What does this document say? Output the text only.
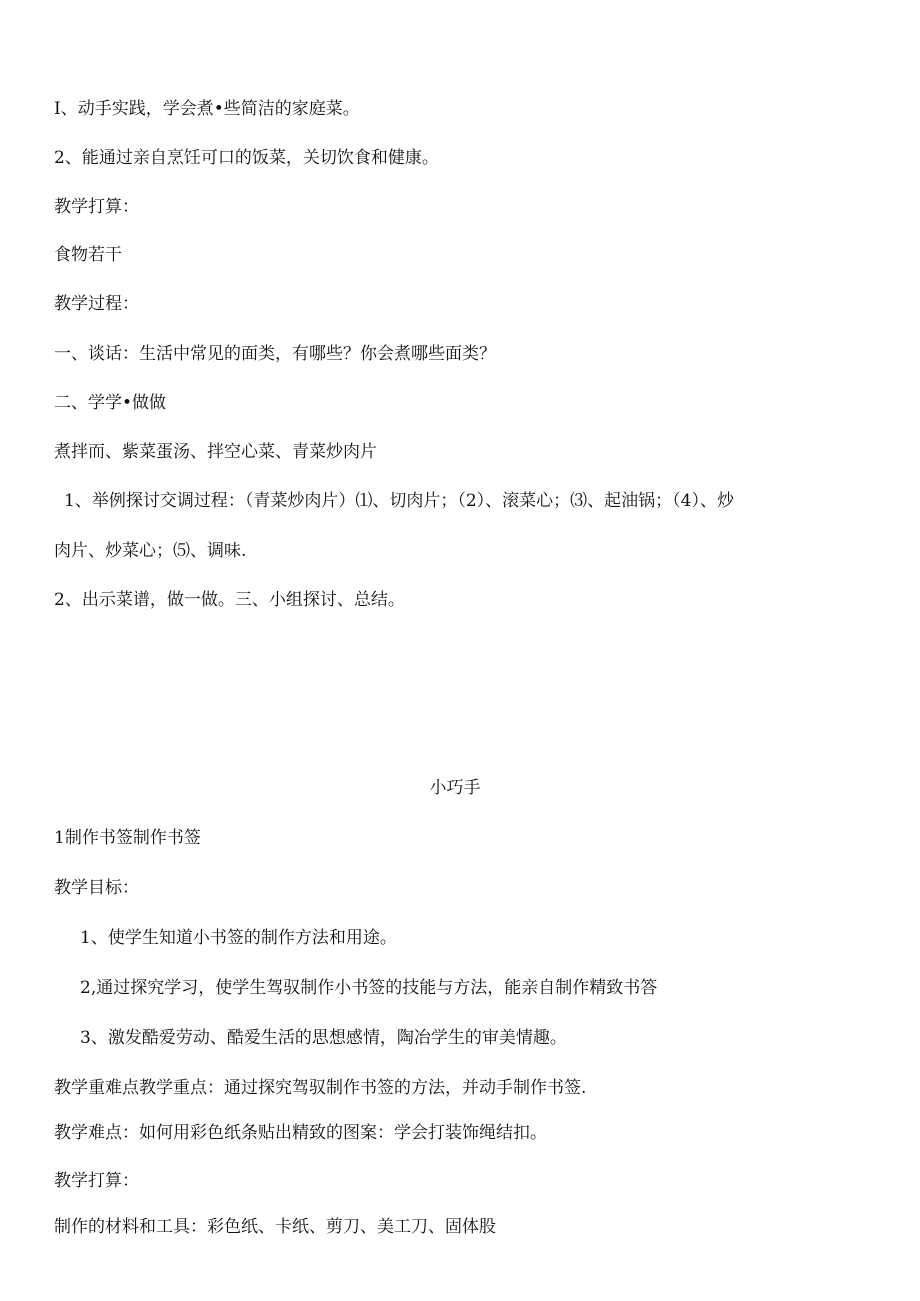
I、动手实践，学会煮•些简洁的家庭菜。
2、能通过亲自烹饪可口的饭菜，关切饮食和健康。
教学打算：
食物若干
教学过程：
一、谈话：生活中常见的面类，有哪些？你会煮哪些面类？
二、学学•做做
煮拌而、紫菜蛋汤、拌空心菜、青菜炒肉片
1、举例探讨交调过程：（青菜炒肉片）⑴、切肉片；（2）、滚菜心；⑶、起油锅；（4）、炒
肉片、炒菜心；⑸、调味.
2、出示菜谱，做一做。三、小组探讨、总结。
小巧手
1制作书签制作书签
教学目标：
1、使学生知道小书签的制作方法和用途。
2,通过探究学习，使学生驾驭制作小书签的技能与方法，能亲自制作精致书答
3、激发酷爱劳动、酷爱生活的思想感情，陶冶学生的审美情趣。
教学重难点教学重点：通过探究驾驭制作书签的方法，并动手制作书签.
教学难点：如何用彩色纸条贴出精致的图案：学会打装饰绳结扣。
教学打算：
制作的材料和工具：彩色纸、卡纸、剪刀、美工刀、固体股
